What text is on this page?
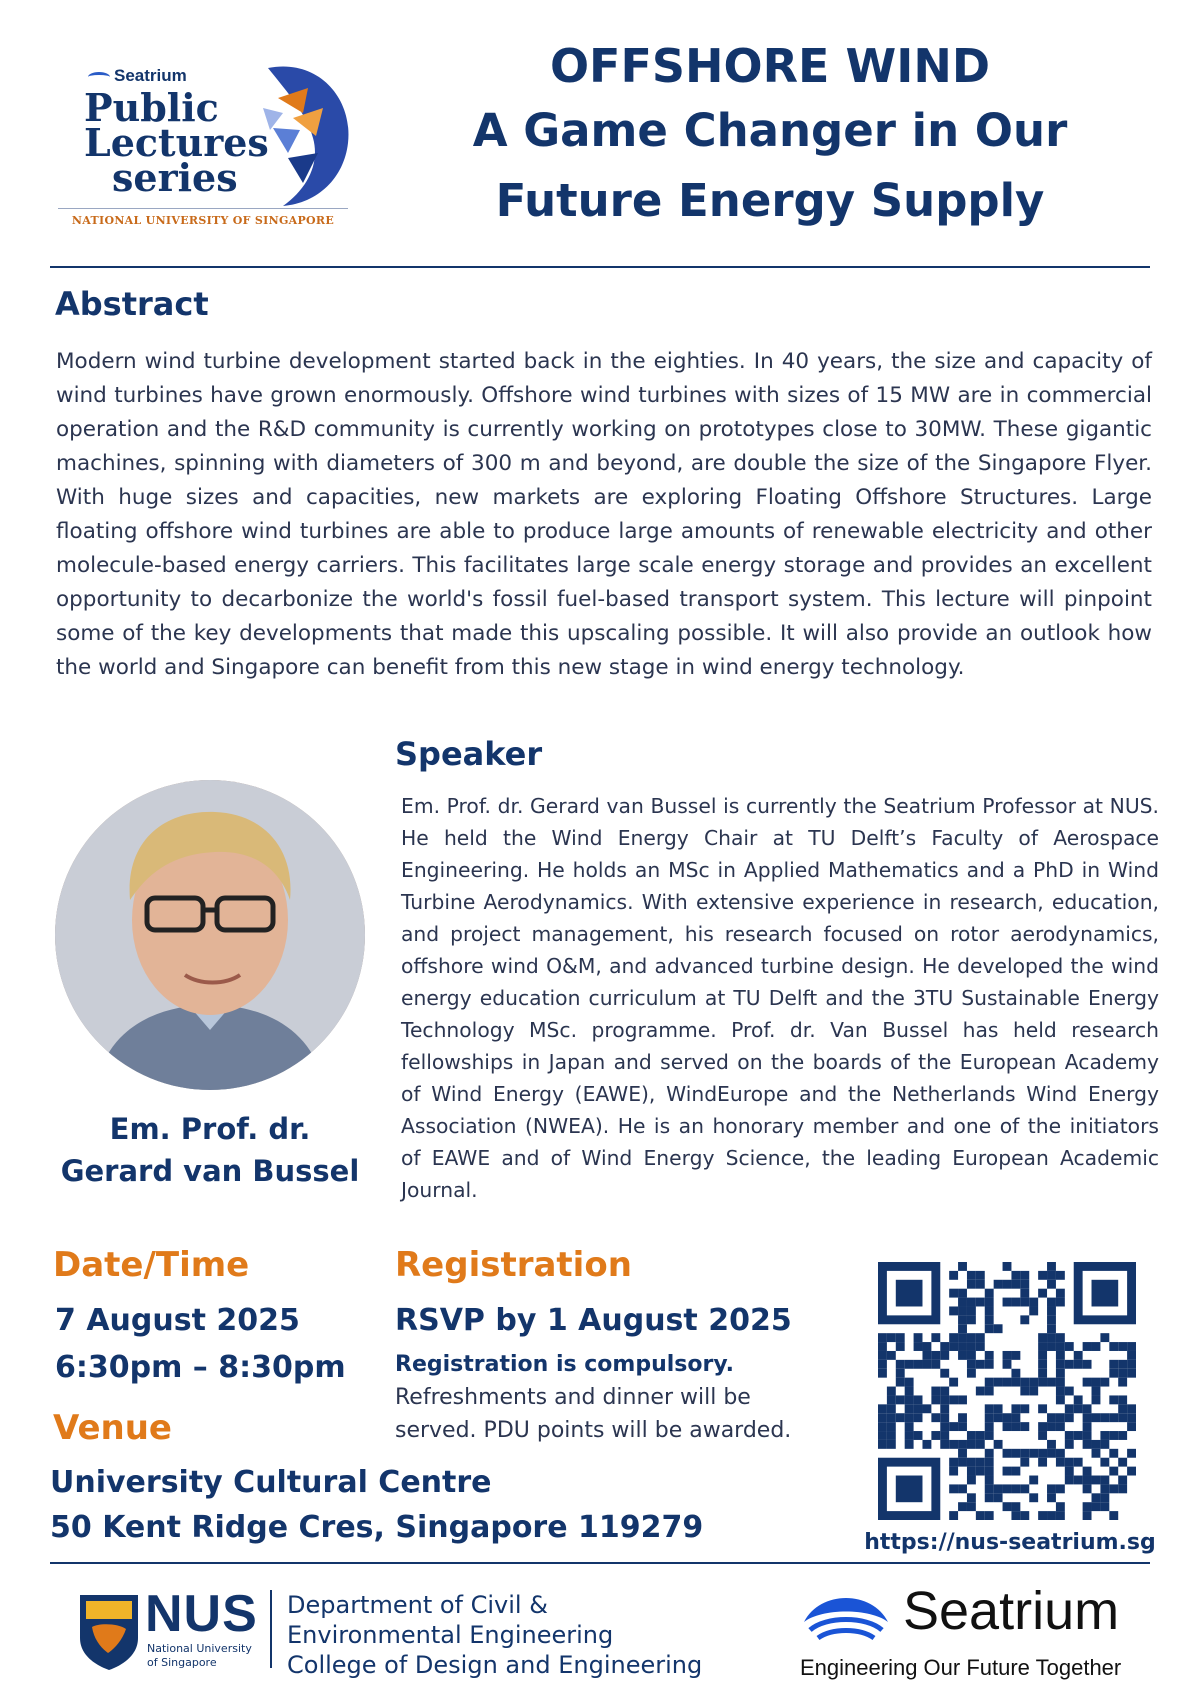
Seatrium
Public
Lectures
series
NATIONAL UNIVERSITY OF SINGAPORE
OFFSHORE WIND
A Game Changer in Our
Future Energy Supply
Abstract

Modern wind turbine development started back in the eighties. In 40 years, the size and capacity of wind turbines have grown enormously. Offshore wind turbines with sizes of 15 MW are in commercial operation and the R&D community is currently working on prototypes close to 30MW. These gigantic machines, spinning with diameters of 300 m and beyond, are double the size of the Singapore Flyer. With huge sizes and capacities, new markets are exploring Floating Offshore Structures. Large floating offshore wind turbines are able to produce large amounts of renewable electricity and other molecule-based energy carriers. This facilitates large scale energy storage and provides an excellent opportunity to decarbonize the world's fossil fuel-based transport system. This lecture will pinpoint some of the key developments that made this upscaling possible. It will also provide an outlook how the world and Singapore can benefit from this new stage in wind energy technology.

Speaker
Em. Prof. dr.
Gerard van Bussel

Em. Prof. dr. Gerard van Bussel is currently the Seatrium Professor at NUS. He held the Wind Energy Chair at TU Delft’s Faculty of Aerospace Engineering. He holds an MSc in Applied Mathematics and a PhD in Wind Turbine Aerodynamics. With extensive experience in research, education, and project management, his research focused on rotor aerodynamics, offshore wind O&M, and advanced turbine design. He developed the wind energy education curriculum at TU Delft and the 3TU Sustainable Energy Technology MSc. programme. Prof. dr. Van Bussel has held research fellowships in Japan and served on the boards of the European Academy of Wind Energy (EAWE), WindEurope and the Netherlands Wind Energy Association (NWEA). He is an honorary member and one of the initiators of EAWE and of Wind Energy Science, the leading European Academic Journal.

Date/Time
7 August 2025
6:30pm – 8:30pm
Venue
University Cultural Centre
50 Kent Ridge Cres, Singapore 119279
Registration
RSVP by 1 August 2025
Registration is compulsory.
Refreshments and dinner will be
served. PDU points will be awarded.
https://nus-seatrium.sg
NUS
National University
of Singapore
Department of Civil &
Environmental Engineering
College of Design and Engineering
Seatrium
Engineering Our Future Together
